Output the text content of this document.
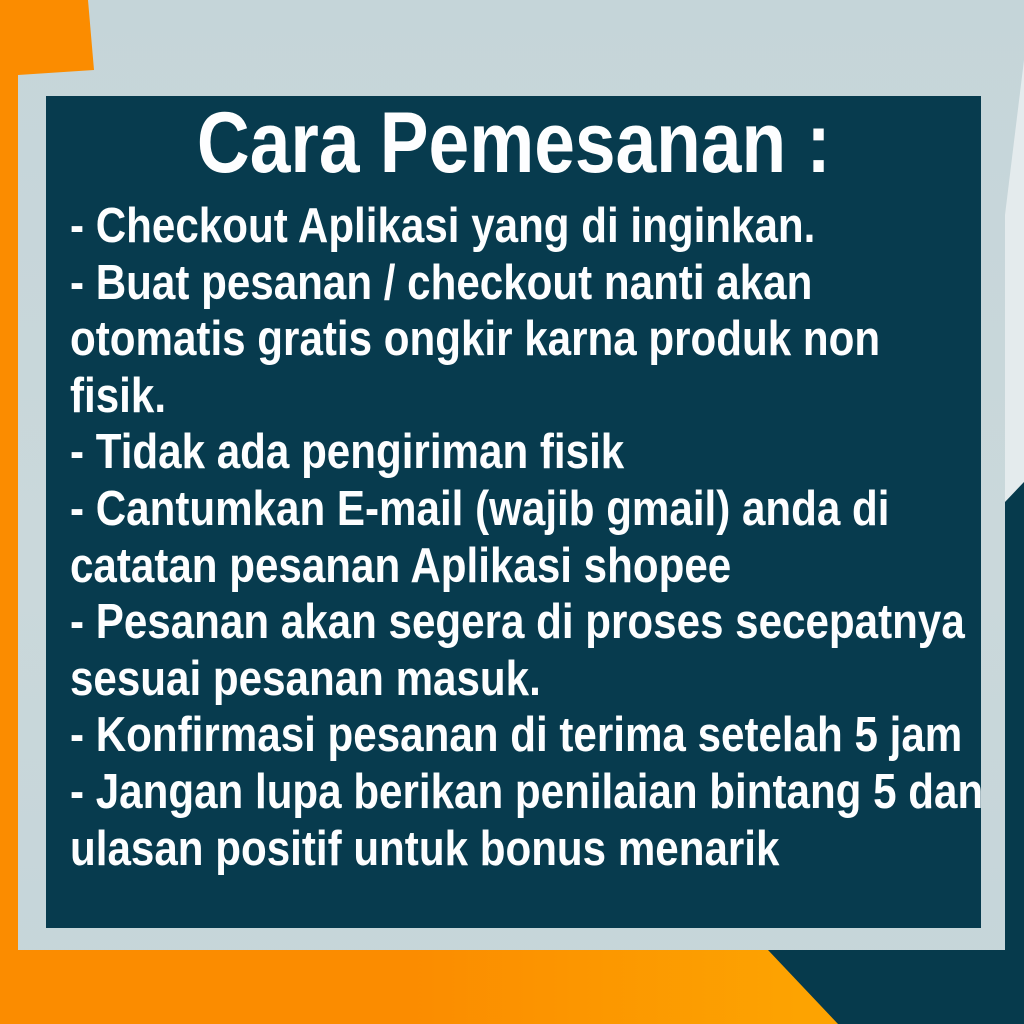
Cara Pemesanan :
- Checkout Aplikasi yang di inginkan.
- Buat pesanan / checkout nanti akan
otomatis gratis ongkir karna produk non
fisik.
- Tidak ada pengiriman fisik
- Cantumkan E-mail (wajib gmail) anda di
catatan pesanan Aplikasi shopee
- Pesanan akan segera di proses secepatnya
sesuai pesanan masuk.
- Konfirmasi pesanan di terima setelah 5 jam
- Jangan lupa berikan penilaian bintang 5 dan
ulasan positif untuk bonus menarik
